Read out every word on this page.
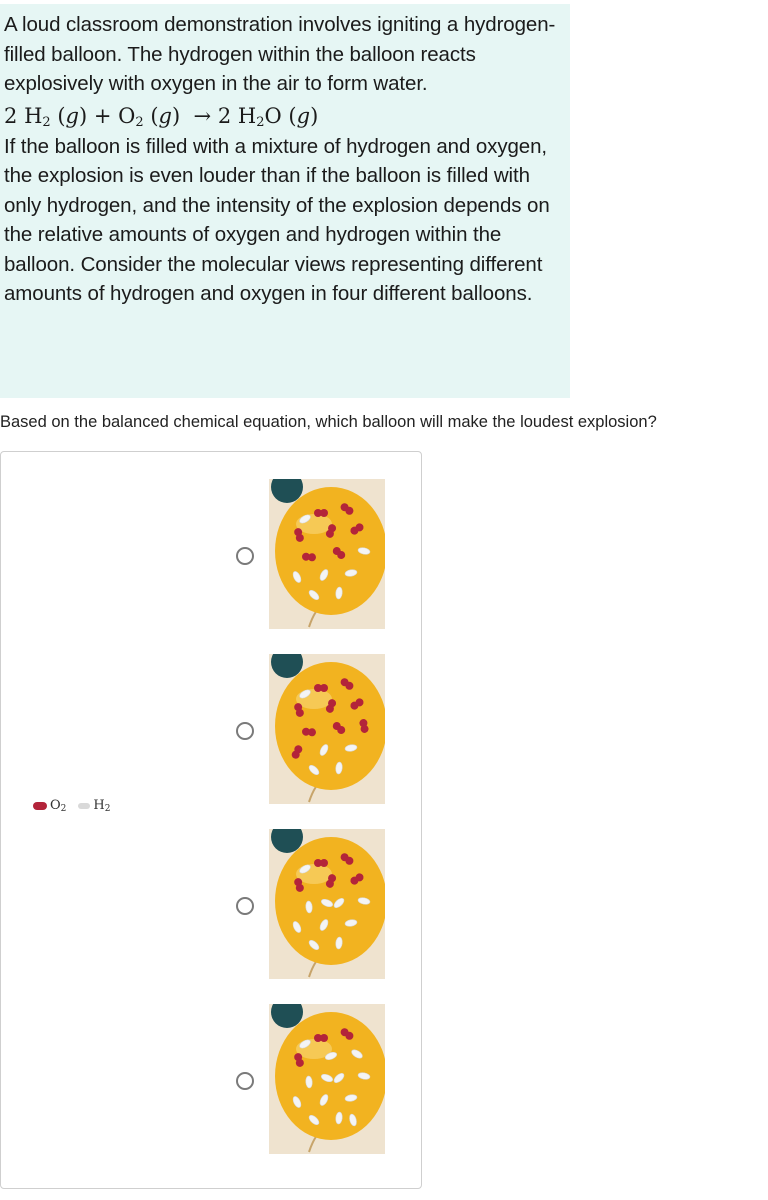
A loud classroom demonstration involves igniting a hydrogen-filled balloon. The hydrogen within the balloon reacts explosively with oxygen in the air to form water.

2 $H_2$ $(g) + O_2$ (g)  → 2 $H_2O$ (g)

If the balloon is filled with a mixture of hydrogen and oxygen, the explosion is even louder than if the balloon is filled with only hydrogen, and the intensity of the explosion depends on the relative amounts of oxygen and hydrogen within the balloon. Consider the molecular views representing different amounts of hydrogen and oxygen in four different balloons.

Based on the balanced chemical equation, which balloon will make the loudest explosion?

$O_2$ $H_2$
